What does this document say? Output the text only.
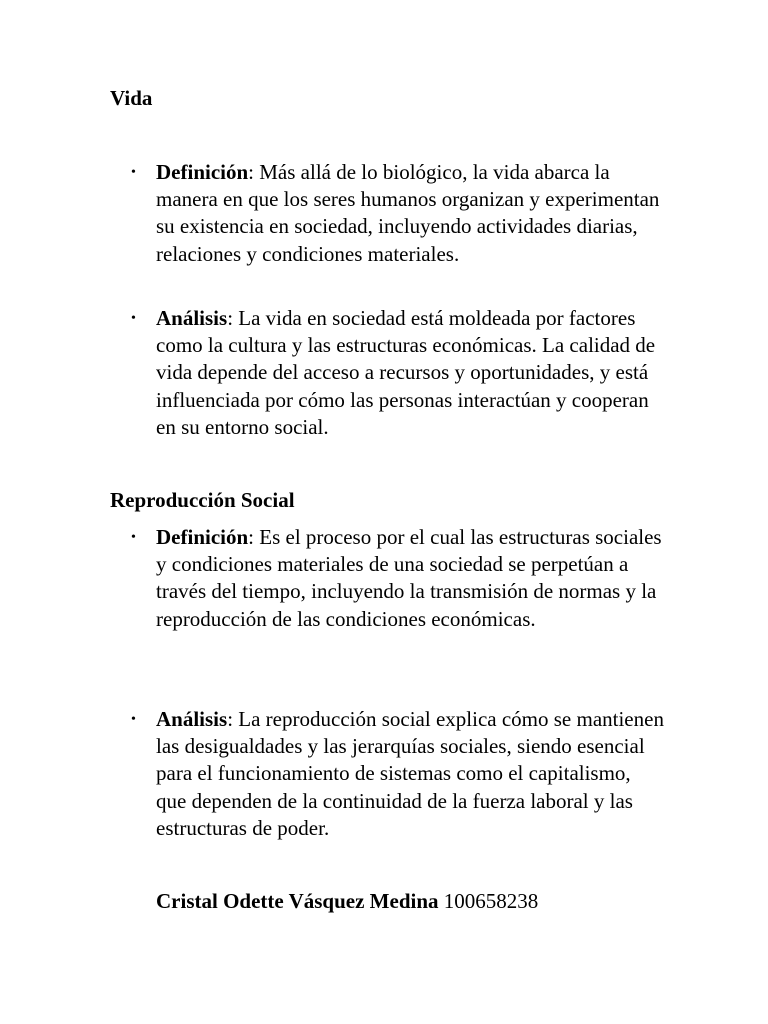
Vida

• Definición: Más allá de lo biológico, la vida abarca la manera en que los seres humanos organizan y experimentan su existencia en sociedad, incluyendo actividades diarias, relaciones y condiciones materiales.

• Análisis: La vida en sociedad está moldeada por factores como la cultura y las estructuras económicas. La calidad de vida depende del acceso a recursos y oportunidades, y está influenciada por cómo las personas interactúan y cooperan en su entorno social.

Reproducción Social

• Definición: Es el proceso por el cual las estructuras sociales y condiciones materiales de una sociedad se perpetúan a través del tiempo, incluyendo la transmisión de normas y la reproducción de las condiciones económicas.

• Análisis: La reproducción social explica cómo se mantienen las desigualdades y las jerarquías sociales, siendo esencial para el funcionamiento de sistemas como el capitalismo, que dependen de la continuidad de la fuerza laboral y las estructuras de poder.

Cristal Odette Vásquez Medina 100658238
